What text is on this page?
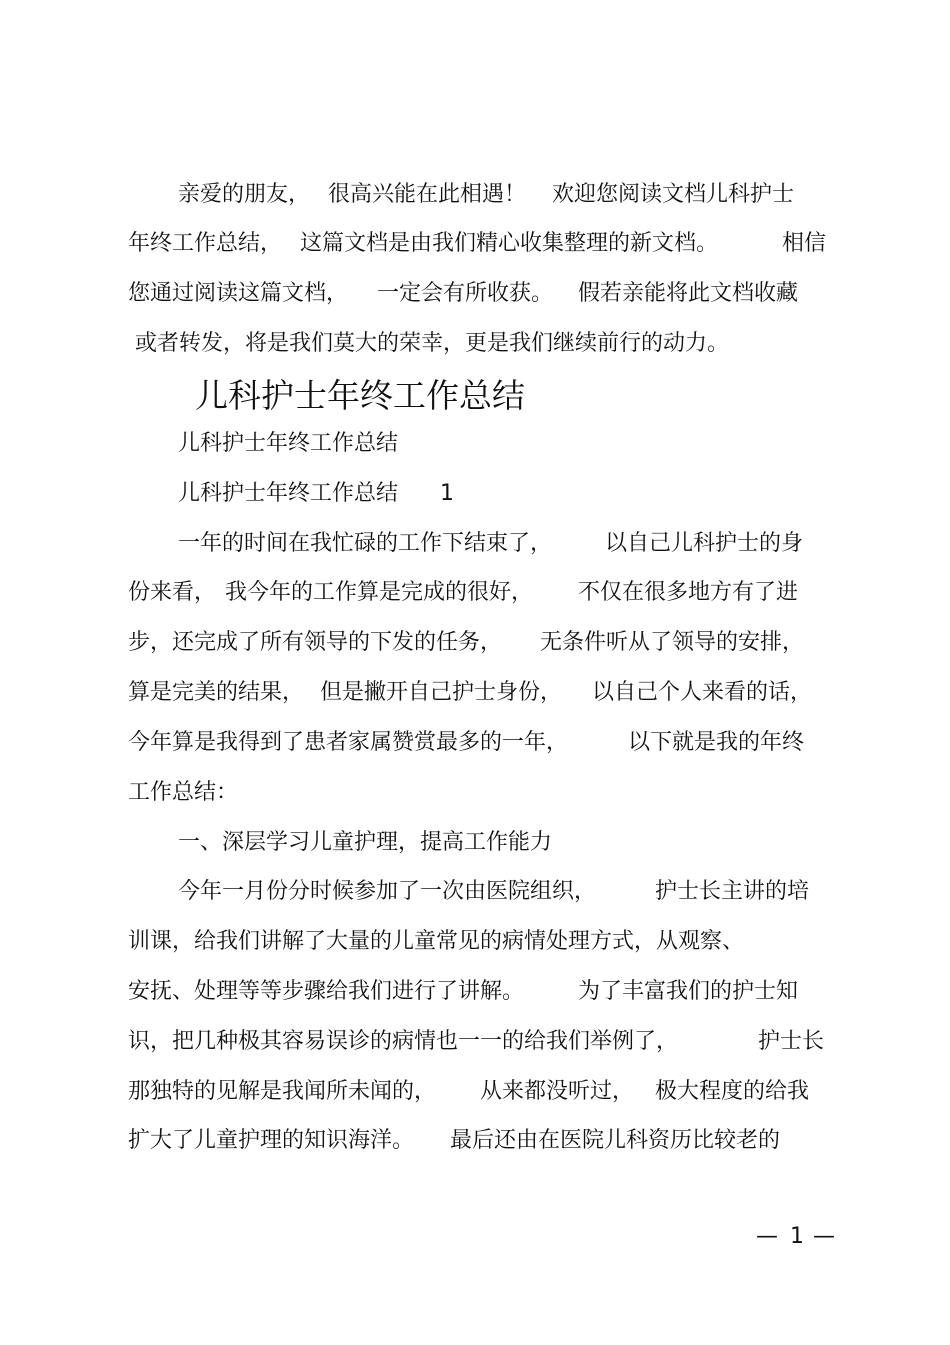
亲爱的朋友， 很高兴能在此相遇！ 欢迎您阅读文档儿科护士
年终工作总结， 这篇文档是由我们精心收集整理的新文档。	相信
您通过阅读这篇文档， 一定会有所收获。 假若亲能将此文档收藏
或者转发，将是我们莫大的荣幸，更是我们继续前行的动力。
儿科护士年终工作总结
儿科护士年终工作总结
儿科护士年终工作总结 1
一年的时间在我忙碌的工作下结束了， 以自己儿科护士的身
份来看， 我今年的工作算是完成的很好， 不仅在很多地方有了进
步，还完成了所有领导的下发的任务， 无条件听从了领导的安排，
算是完美的结果， 但是撇开自己护士身份， 以自己个人来看的话，
今年算是我得到了患者家属赞赏最多的一年，	以下就是我的年终
工作总结：
一、深层学习儿童护理，提高工作能力
今年一月份分时候参加了一次由医院组织，	护士长主讲的培
训课，给我们讲解了大量的儿童常见的病情处理方式，从观察、
安抚、处理等等步骤给我们进行了讲解。 为了丰富我们的护士知
识，把几种极其容易误诊的病情也一一的给我们举例了，	护士长
那独特的见解是我闻所未闻的， 从来都没听过， 极大程度的给我
扩大了儿童护理的知识海洋。 最后还由在医院儿科资历比较老的
— 1 —
